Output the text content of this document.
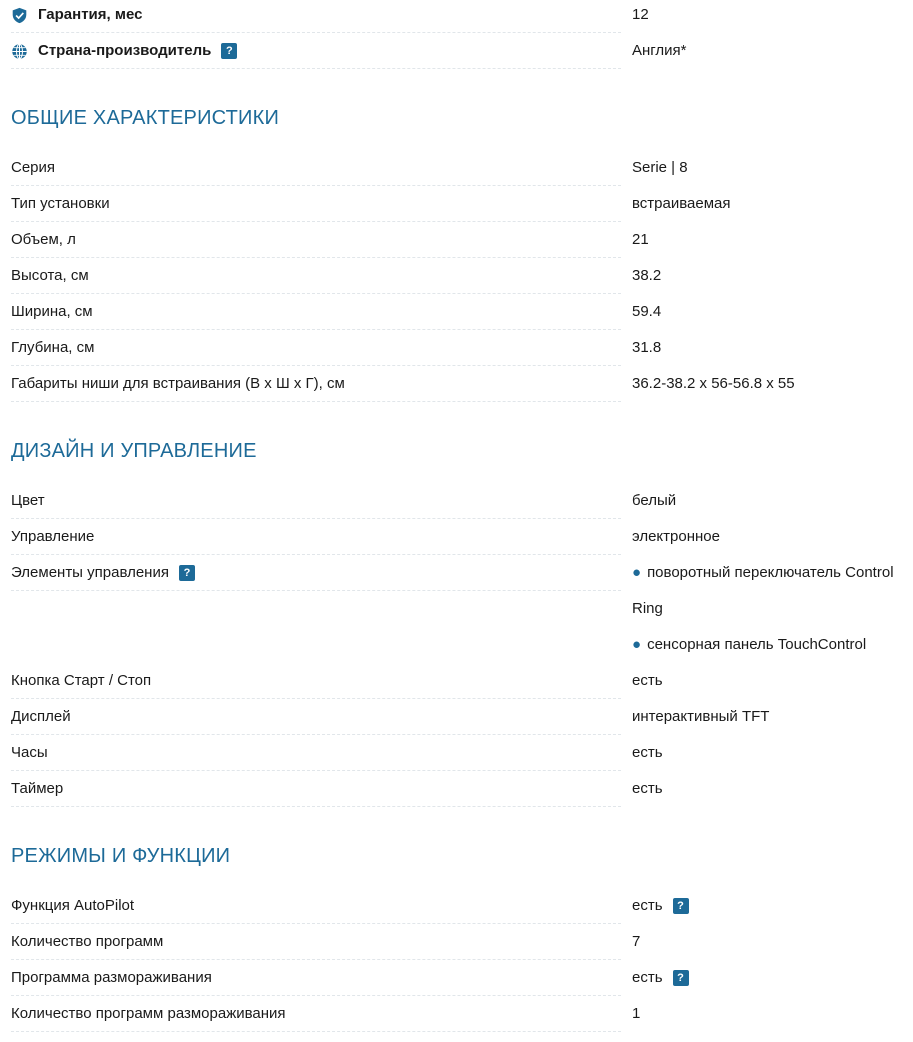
Гарантия, мес	12
Страна-производитель	?	Англия*
ОБЩИЕ ХАРАКТЕРИСТИКИ
Серия	Serie | 8
Тип установки	встраиваемая
Объем, л	21
Высота, см	38.2
Ширина, см	59.4
Глубина, см	31.8
Габариты ниши для встраивания (В х Ш х Г), см	36.2-38.2 x 56-56.8 x 55
ДИЗАЙН И УПРАВЛЕНИЕ
Цвет	белый
Управление	электронное
Элементы управления	?	● поворотный переключатель Control
Ring
● сенсорная панель TouchControl
Кнопка Старт / Стоп	есть
Дисплей	интерактивный TFT
Часы	есть
Таймер	есть
РЕЖИМЫ И ФУНКЦИИ
Функция AutoPilot	есть	?
Количество программ	7
Программа размораживания	есть	?
Количество программ размораживания	1
